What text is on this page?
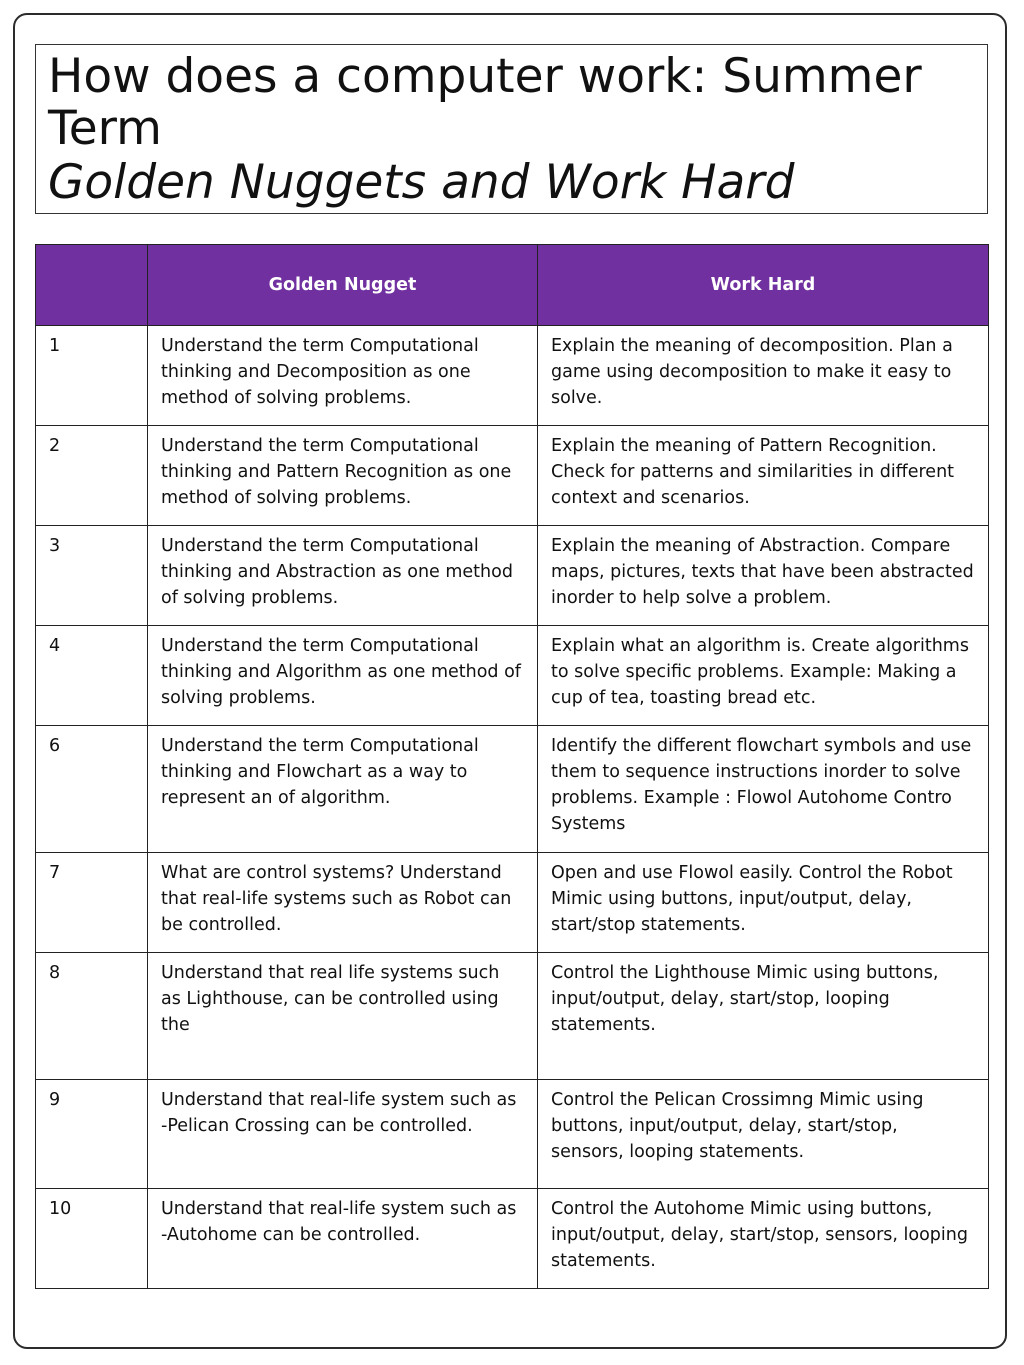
How does a computer work: Summer Term
Golden Nuggets and Work Hard
	Golden Nugget	Work Hard
1	Understand the term Computational thinking and Decomposition as one method of solving problems.	Explain the meaning of decomposition. Plan a game using decomposition to make it easy to solve.
2	Understand the term Computational thinking and Pattern Recognition as one method of solving problems.	Explain the meaning of Pattern Recognition. Check for patterns and similarities in different context and scenarios.
3	Understand the term Computational thinking and Abstraction as one method of solving problems.	Explain the meaning of Abstraction. Compare maps, pictures, texts that have been abstracted inorder to help solve a problem.
4	Understand the term Computational thinking and Algorithm as one method of solving problems.	Explain what an algorithm is. Create algorithms to solve specific problems. Example: Making a cup of tea, toasting bread etc.
6	Understand the term Computational thinking and Flowchart as a way to represent an of algorithm.	Identify the different flowchart symbols and use them to sequence instructions inorder to solve problems. Example : Flowol Autohome Contro Systems
7	What are control systems? Understand that real-life systems such as Robot can be controlled.	Open and use Flowol easily. Control the Robot Mimic using buttons, input/output, delay, start/stop statements.
8	Understand that real life systems such as Lighthouse, can be controlled using the	Control the Lighthouse Mimic using buttons, input/output, delay, start/stop, looping statements.
9	Understand that real-life system such as -Pelican Crossing can be controlled.	Control the Pelican Crossimng Mimic using buttons, input/output, delay, start/stop, sensors, looping statements.
10	Understand that real-life system such as -Autohome can be controlled.	Control the Autohome Mimic using buttons, input/output, delay, start/stop, sensors, looping statements.
